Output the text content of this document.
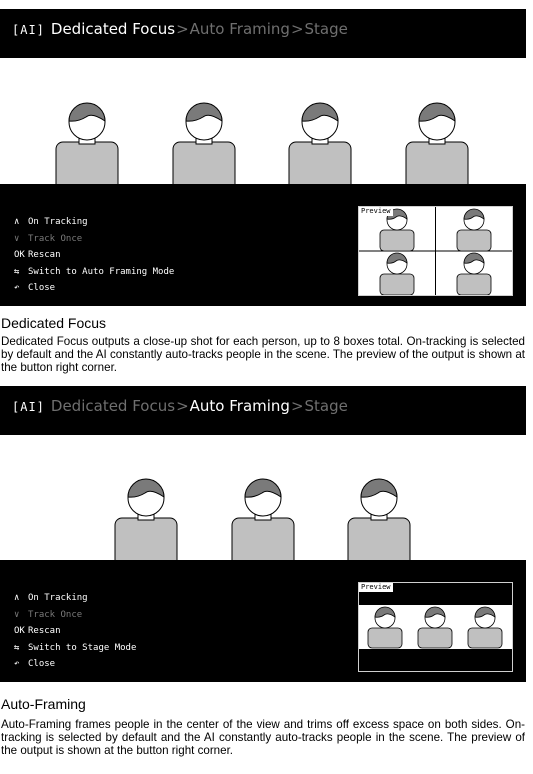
[AI] Dedicated Focus>Auto Framing>Stage
∧ On Tracking
∨ Track Once
OK Rescan
⇆ Switch to Auto Framing Mode
↶ Close
Preview
Dedicated Focus
Dedicated Focus outputs a close-up shot for each person, up to 8 boxes total. On-tracking is selected by default and the AI constantly auto-tracks people in the scene. The preview of the output is shown at the button right corner.
[AI] Dedicated Focus>Auto Framing>Stage
∧ On Tracking
∨ Track Once
OK Rescan
⇆ Switch to Stage Mode
↶ Close
Preview
Auto-Framing
Auto-Framing frames people in the center of the view and trims off excess space on both sides. On-tracking is selected by default and the AI constantly auto-tracks people in the scene. The preview of the output is shown at the button right corner.
